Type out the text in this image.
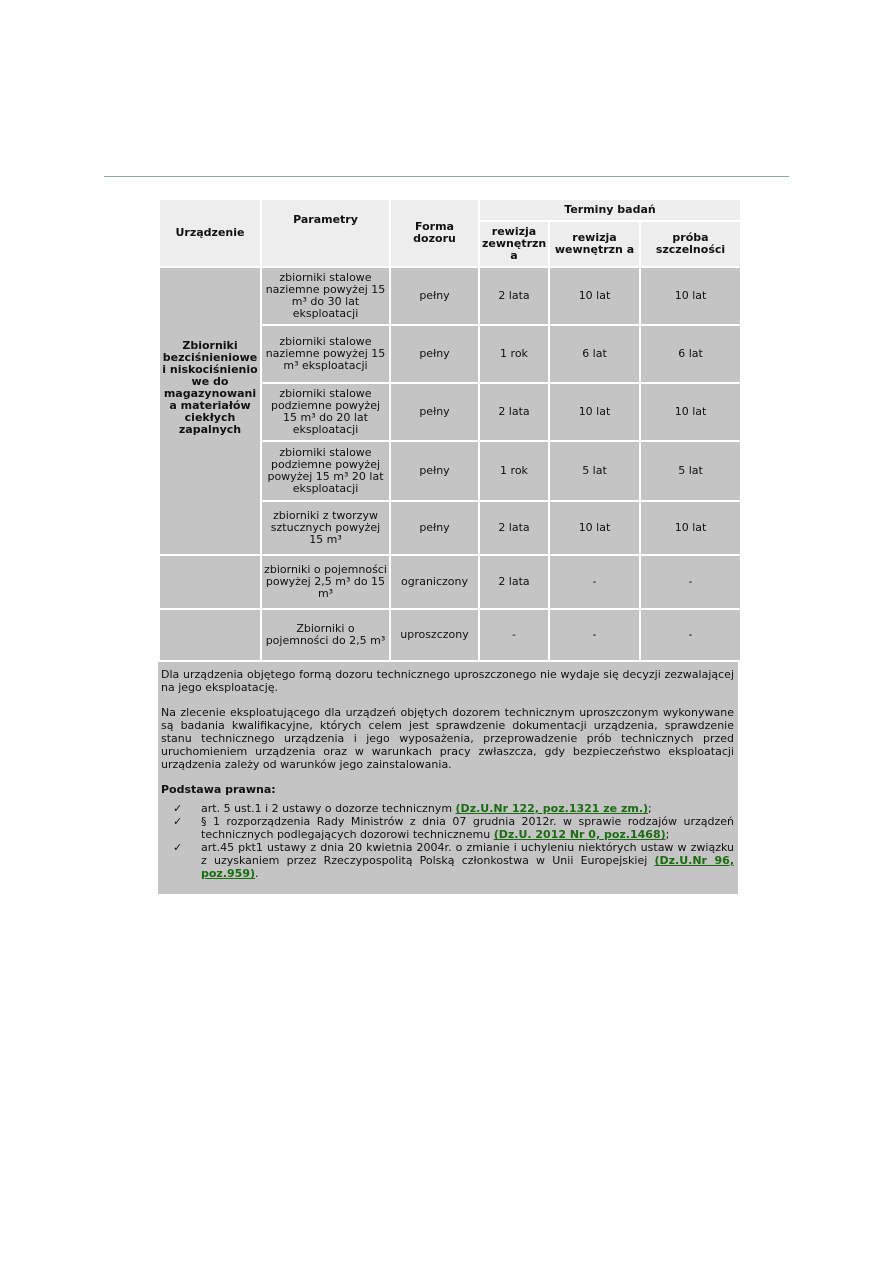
Urządzenie	Parametry	Forma dozoru	Terminy badań		
			rewizja zewnętrzn a	rewizja wewnętrzn a	próba szczelności
Zbiorniki bezciśnieniowe i niskociśnienio we do magazynowani a materiałów ciekłych zapalnych	zbiorniki stalowe naziemne powyżej 15 m³ do 30 lat eksploatacji	pełny	2 lata	10 lat	10 lat
	zbiorniki stalowe naziemne powyżej 15 m³ eksploatacji	pełny	1 rok	6 lat	6 lat
	zbiorniki stalowe podziemne powyżej 15 m³ do 20 lat eksploatacji	pełny	2 lata	10 lat	10 lat
	zbiorniki stalowe podziemne powyżej powyżej 15 m³ 20 lat eksploatacji	pełny	1 rok	5 lat	5 lat
	zbiorniki z tworzyw sztucznych powyżej 15 m³	pełny	2 lata	10 lat	10 lat
	zbiorniki o pojemności powyżej 2,5 m³ do 15 m³	ograniczony	2 lata	-	-
	Zbiorniki o pojemności do 2,5 m³	uproszczony	-	-	-

Dla urządzenia objętego formą dozoru technicznego uproszczonego nie wydaje się decyzji zezwalającej na jego eksploatację.

Na zlecenie eksploatującego dla urządzeń objętych dozorem technicznym uproszczonym wykonywane są badania kwalifikacyjne, których celem jest sprawdzenie dokumentacji urządzenia, sprawdzenie stanu technicznego urządzenia i jego wyposażenia, przeprowadzenie prób technicznych przed uruchomieniem urządzenia oraz w warunkach pracy zwłaszcza, gdy bezpieczeństwo eksploatacji urządzenia zależy od warunków jego zainstalowania.

Podstawa prawna:
✓ art. 5 ust.1 i 2 ustawy o dozorze technicznym (Dz.U.Nr 122, poz.1321 ze zm.);
✓ § 1 rozporządzenia Rady Ministrów z dnia 07 grudnia 2012r. w sprawie rodzajów urządzeń technicznych podlegających dozorowi technicznemu (Dz.U. 2012 Nr 0, poz.1468);
✓ art.45 pkt1 ustawy z dnia 20 kwietnia 2004r. o zmianie i uchyleniu niektórych ustaw w związku z uzyskaniem przez Rzeczypospolitą Polską członkostwa w Unii Europejskiej (Dz.U.Nr 96, poz.959).
